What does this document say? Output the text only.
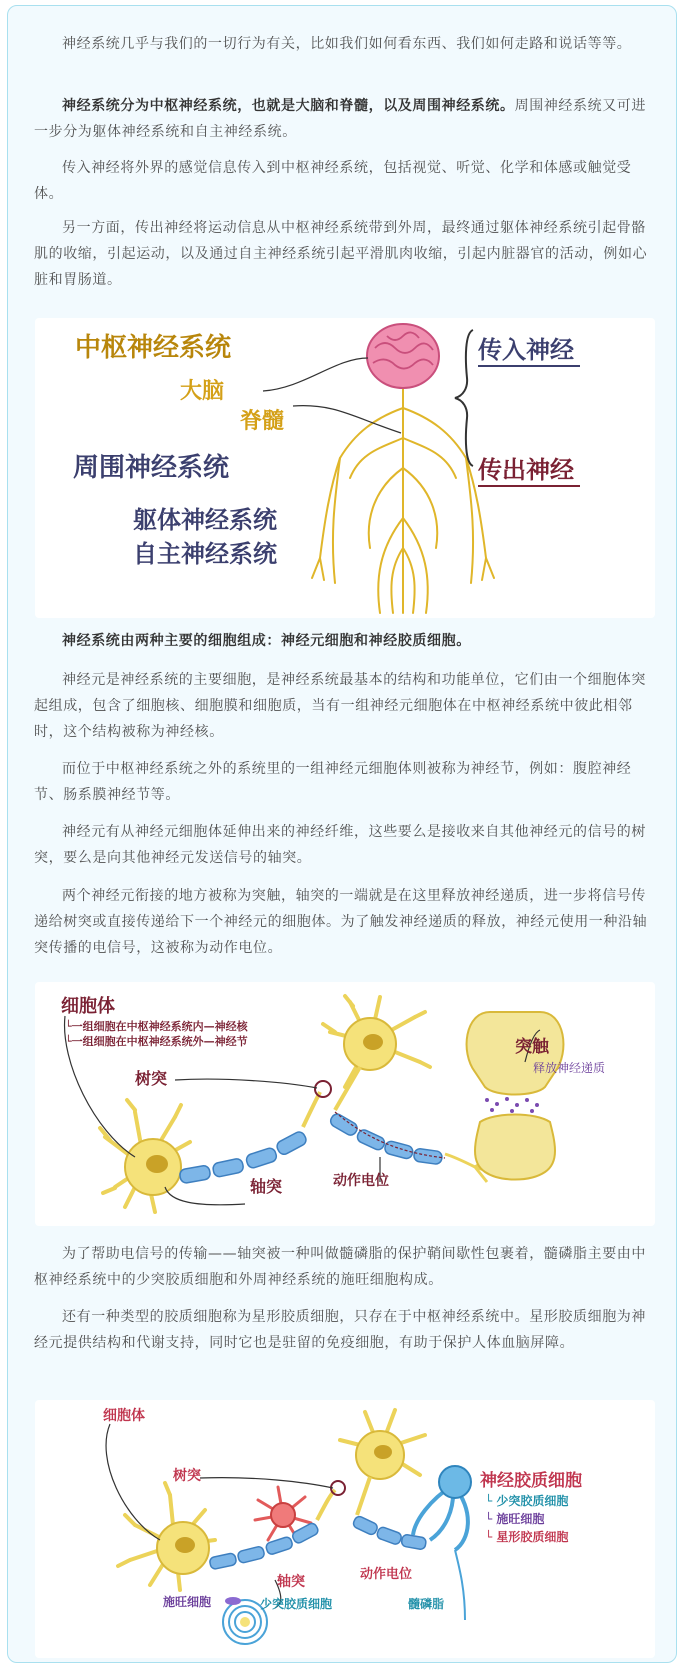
神经系统几乎与我们的一切行为有关，比如我们如何看东西、我们如何走路和说话等等。

神经系统分为中枢神经系统，也就是大脑和脊髓，以及周围神经系统。周围神经系统又可进一步分为躯体神经系统和自主神经系统。

传入神经将外界的感觉信息传入到中枢神经系统，包括视觉、听觉、化学和体感或触觉受体。

另一方面，传出神经将运动信息从中枢神经系统带到外周，最终通过躯体神经系统引起骨骼肌的收缩，引起运动，以及通过自主神经系统引起平滑肌肉收缩，引起内脏器官的活动，例如心脏和胃肠道。

中枢神经系统
大脑
脊髓
周围神经系统
躯体神经系统
自主神经系统
传入神经
传出神经

神经系统由两种主要的细胞组成：神经元细胞和神经胶质细胞。

神经元是神经系统的主要细胞，是神经系统最基本的结构和功能单位，它们由一个细胞体突起组成，包含了细胞核、细胞膜和细胞质，当有一组神经元细胞体在中枢神经系统中彼此相邻时，这个结构被称为神经核。

而位于中枢神经系统之外的系统里的一组神经元细胞体则被称为神经节，例如：腹腔神经节、肠系膜神经节等。

神经元有从神经元细胞体延伸出来的神经纤维，这些要么是接收来自其他神经元的信号的树突，要么是向其他神经元发送信号的轴突。

两个神经元衔接的地方被称为突触，轴突的一端就是在这里释放神经递质，进一步将信号传递给树突或直接传递给下一个神经元的细胞体。为了触发神经递质的释放，神经元使用一种沿轴突传播的电信号，这被称为动作电位。

细胞体
└一组细胞在中枢神经系统内—神经核
└一组细胞在中枢神经系统外—神经节
树突
轴突	动作电位
突触
释放神经递质

为了帮助电信号的传输——轴突被一种叫做髓磷脂的保护鞘间歇性包裹着，髓磷脂主要由中枢神经系统中的少突胶质细胞和外周神经系统的施旺细胞构成。

还有一种类型的胶质细胞称为星形胶质细胞，只存在于中枢神经系统中。星形胶质细胞为神经元提供结构和代谢支持，同时它也是驻留的免疫细胞，有助于保护人体血脑屏障。

细胞体
树突
轴突	动作电位
神经胶质细胞
└ 少突胶质细胞
└ 施旺细胞
└ 星形胶质细胞
施旺细胞	少突胶质细胞	髓磷脂
